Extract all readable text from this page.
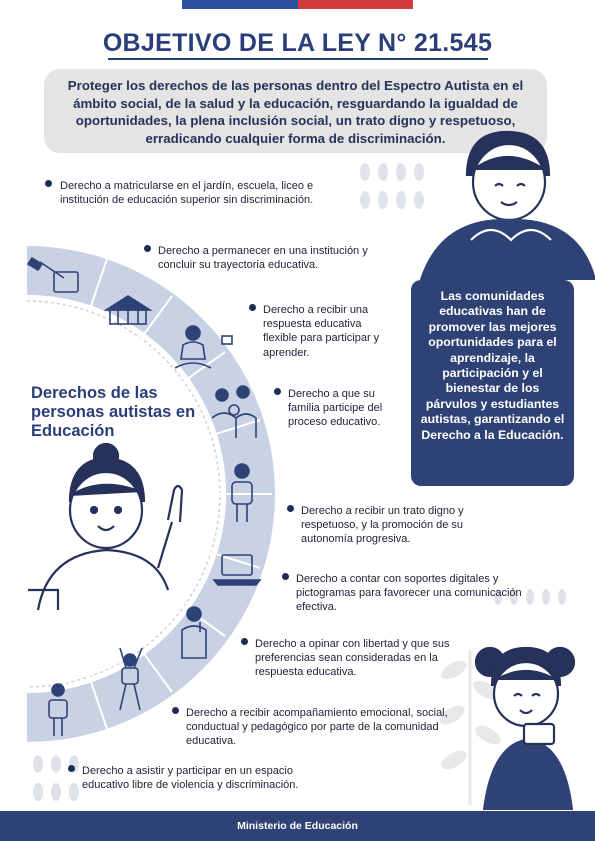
OBJETIVO DE LA LEY N° 21.545
Proteger los derechos de las personas dentro del Espectro Autista en el ámbito social, de la salud y la educación, resguardando la igualdad de oportunidades, la plena inclusión social, un trato digno y respetuoso, erradicando cualquier forma de discriminación.
Derechos de las personas autistas en Educación
Derecho a matricularse en el jardín, escuela, liceo e institución de educación superior sin discriminación.
Derecho a permanecer en una institución y concluir su trayectoria educativa.
Derecho a recibir una respuesta educativa flexible para participar y aprender.
Derecho a que su familia participe del proceso educativo.
Derecho a recibir un trato digno y respetuoso, y la promoción de su autonomía progresiva.
Derecho a contar con soportes digitales y pictogramas para favorecer una comunicación efectiva.
Derecho a opinar con libertad y que sus preferencias sean consideradas en la respuesta educativa.
Derecho a recibir acompañamiento emocional, social, conductual y pedagógico por parte de la comunidad educativa.
Derecho a asistir y participar en un espacio educativo libre de violencia y discriminación.
Las comunidades educativas han de promover las mejores oportunidades para el aprendizaje, la participación y el bienestar de los párvulos y estudiantes autistas, garantizando el Derecho a la Educación.
Ministerio de Educación
